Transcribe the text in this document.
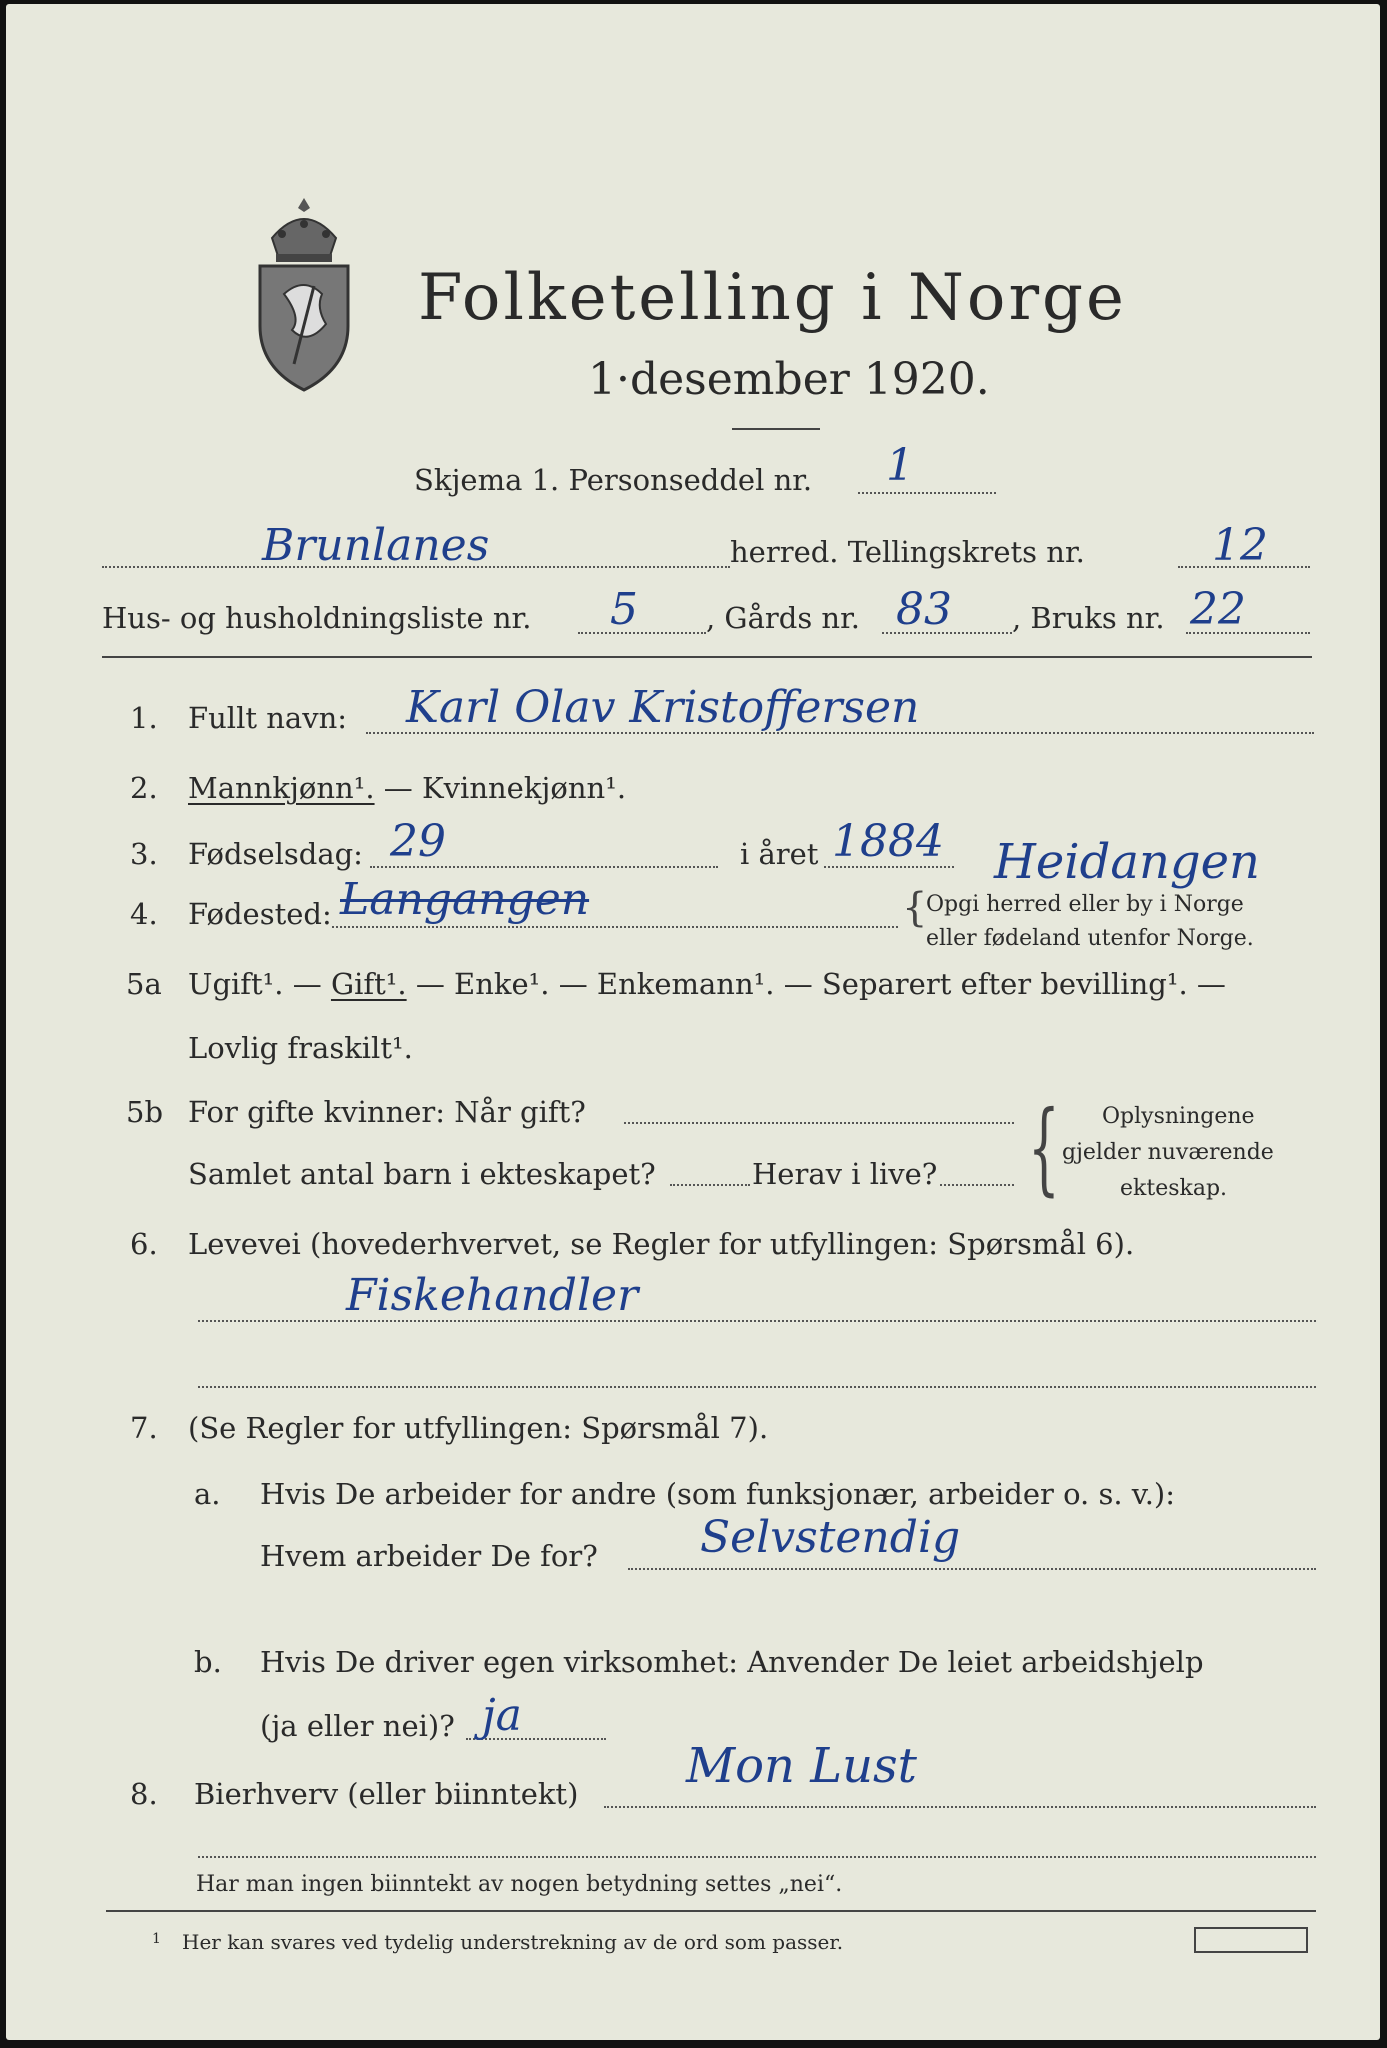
Folketelling i Norge
1·desember 1920.
Skjema 1. Personseddel nr. 1
Brunlanes	herred. Tellingskrets nr.	12
Hus- og husholdningsliste nr. 5 , Gårds nr. 83 , Bruks nr. 22
1. Fullt navn: Karl Olav Kristoffersen
2. Mannkjønn¹. — Kvinnekjønn¹.
3. Fødselsdag: 29	i året 1884 Heidangen
4. Fødested: Langangen	{
Opgi herred eller by i Norge
eller fødeland utenfor Norge.
5a Ugift¹. — Gift¹. — Enke¹. — Enkemann¹. — Separert efter bevilling¹. —
Lovlig fraskilt¹.
5b For gifte kvinner: Når gift?
Samlet antal barn i ekteskapet?	Herav i live? { Oplysningene
gjelder nuværende
ekteskap.
6. Levevei (hovederhvervet, se Regler for utfyllingen: Spørsmål 6).
Fiskehandler
7. (Se Regler for utfyllingen: Spørsmål 7).
a. Hvis De arbeider for andre (som funksjonær, arbeider o. s. v.):
Hvem arbeider De for? Selvstendig
b. Hvis De driver egen virksomhet: Anvender De leiet arbeidshjelp
(ja eller nei)? ja
8. Bierhverv (eller biinntekt) Mon Lust
Har man ingen biinntekt av nogen betydning settes „nei“.
1 Her kan svares ved tydelig understrekning av de ord som passer.
